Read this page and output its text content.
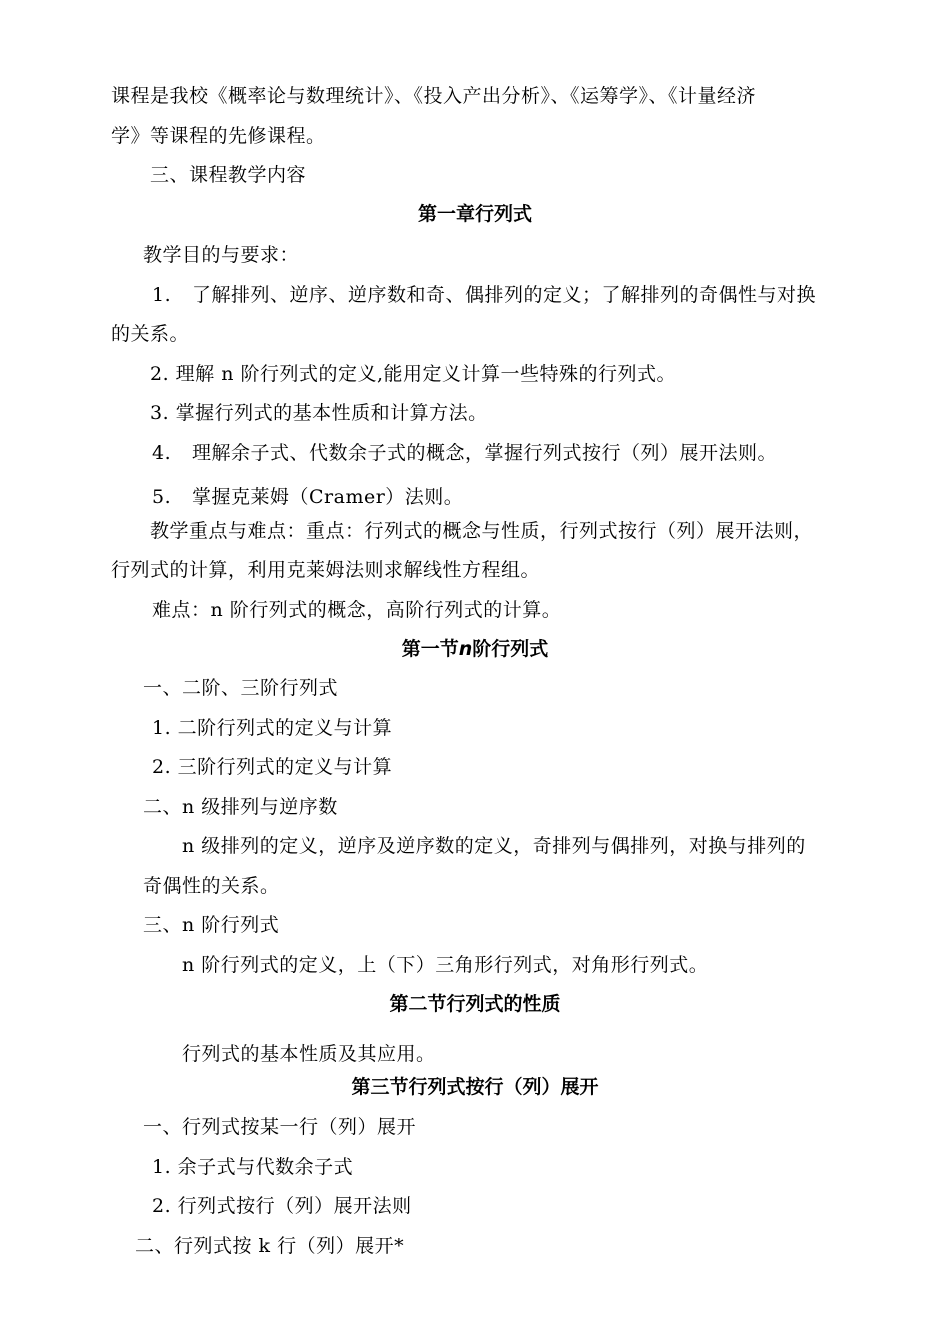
课程是我校《概率论与数理统计》、《投入产出分析》、《运筹学》、《计量经济
学》等课程的先修课程。
三、课程教学内容
第一章行列式
教学目的与要求：
1. 了解排列、逆序、逆序数和奇、偶排列的定义；了解排列的奇偶性与对换
的关系。
2. 理解 n 阶行列式的定义,能用定义计算一些特殊的行列式。
3. 掌握行列式的基本性质和计算方法。
4. 理解余子式、代数余子式的概念，掌握行列式按行（列）展开法则。
5. 掌握克莱姆（Cramer）法则。
教学重点与难点：重点：行列式的概念与性质，行列式按行（列）展开法则，
行列式的计算，利用克莱姆法则求解线性方程组。
难点：n 阶行列式的概念，高阶行列式的计算。
第一节n阶行列式
一、二阶、三阶行列式
1. 二阶行列式的定义与计算
2. 三阶行列式的定义与计算
二、n 级排列与逆序数
n 级排列的定义，逆序及逆序数的定义，奇排列与偶排列，对换与排列的
奇偶性的关系。
三、n 阶行列式
n 阶行列式的定义，上（下）三角形行列式，对角形行列式。
第二节行列式的性质
行列式的基本性质及其应用。
第三节行列式按行（列）展开
一、行列式按某一行（列）展开
1. 余子式与代数余子式
2. 行列式按行（列）展开法则
二、行列式按 k 行（列）展开*
